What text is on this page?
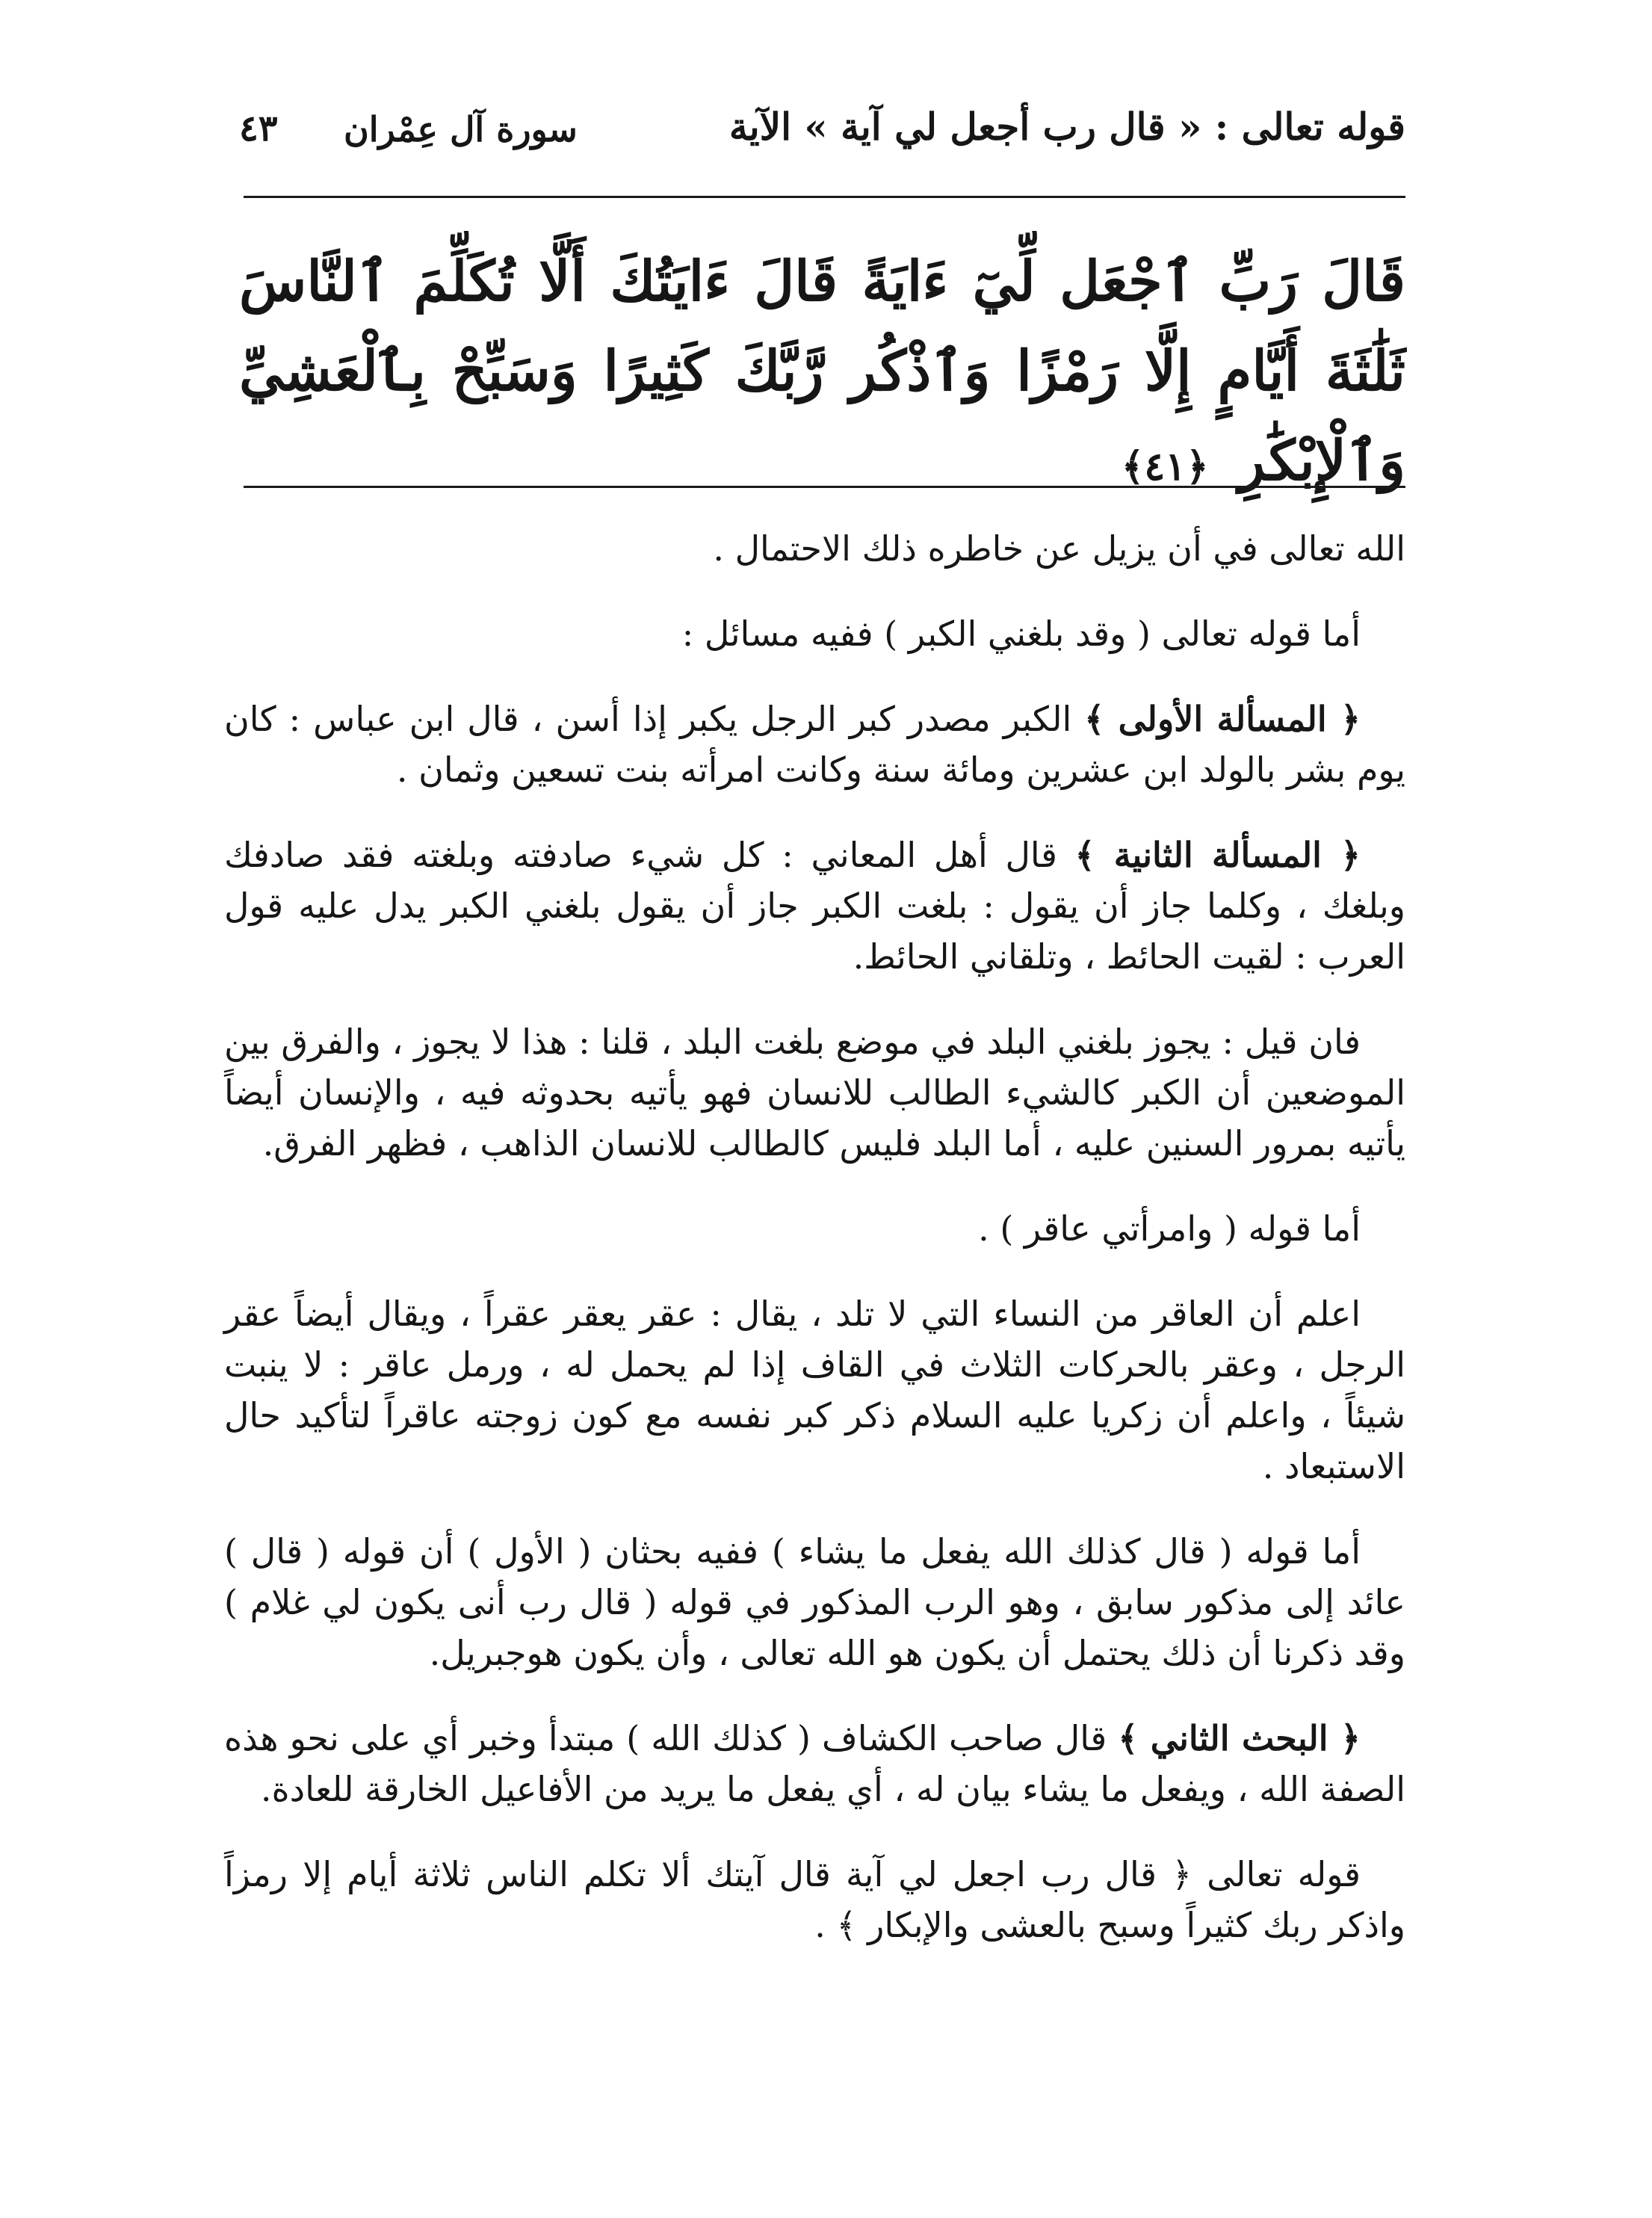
قوله تعالى : « قال رب أجعل لي آية » الآية
سورة آل عِمْران
٤٣
قَالَ رَبِّ ٱجْعَل لِّيٓ ءَايَةً قَالَ ءَايَتُكَ أَلَّا تُكَلِّمَ ٱلنَّاسَ ثَلَٰثَةَ أَيَّامٍ إِلَّا رَمْزًا وَٱذْكُر رَّبَّكَ كَثِيرًا وَسَبِّحْ بِٱلْعَشِيِّ وَٱلْإِبْكَٰرِ ﴿٤١﴾

الله تعالى في أن يزيل عن خاطره ذلك الاحتمال .

أما قوله تعالى ( وقد بلغني الكبر ) ففيه مسائل :

﴿ المسألة الأولى ﴾ الكبر مصدر كبر الرجل يكبر إذا أسن ، قال ابن عباس : كان يوم بشر بالولد ابن عشرين ومائة سنة وكانت امرأته بنت تسعين وثمان .

﴿ المسألة الثانية ﴾ قال أهل المعاني : كل شيء صادفته وبلغته فقد صادفك وبلغك ، وكلما جاز أن يقول : بلغت الكبر جاز أن يقول بلغني الكبر يدل عليه قول العرب : لقيت الحائط ، وتلقاني الحائط.

فان قيل : يجوز بلغني البلد في موضع بلغت البلد ، قلنا : هذا لا يجوز ، والفرق بين الموضعين أن الكبر كالشيء الطالب للانسان فهو يأتيه بحدوثه فيه ، والإنسان أيضاً يأتيه بمرور السنين عليه ، أما البلد فليس كالطالب للانسان الذاهب ، فظهر الفرق.

أما قوله ( وامرأتي عاقر ) .

اعلم أن العاقر من النساء التي لا تلد ، يقال : عقر يعقر عقراً ، ويقال أيضاً عقر الرجل ، وعقر بالحركات الثلاث في القاف إذا لم يحمل له ، ورمل عاقر : لا ينبت شيئاً ، واعلم أن زكريا عليه السلام ذكر كبر نفسه مع كون زوجته عاقراً لتأكيد حال الاستبعاد .

أما قوله ( قال كذلك الله يفعل ما يشاء ) ففيه بحثان ( الأول ) أن قوله ( قال ) عائد إلى مذكور سابق ، وهو الرب المذكور في قوله ( قال رب أنى يكون لي غلام ) وقد ذكرنا أن ذلك يحتمل أن يكون هو الله تعالى ، وأن يكون هوجبريل.

﴿ البحث الثاني ﴾ قال صاحب الكشاف ( كذلك الله ) مبتدأ وخبر أي على نحو هذه الصفة الله ، ويفعل ما يشاء بيان له ، أي يفعل ما يريد من الأفاعيل الخارقة للعادة.

قوله تعالى ﴿ قال رب اجعل لي آية قال آيتك ألا تكلم الناس ثلاثة أيام إلا رمزاً واذكر ربك كثيراً وسبح بالعشى والإبكار ﴾ .
